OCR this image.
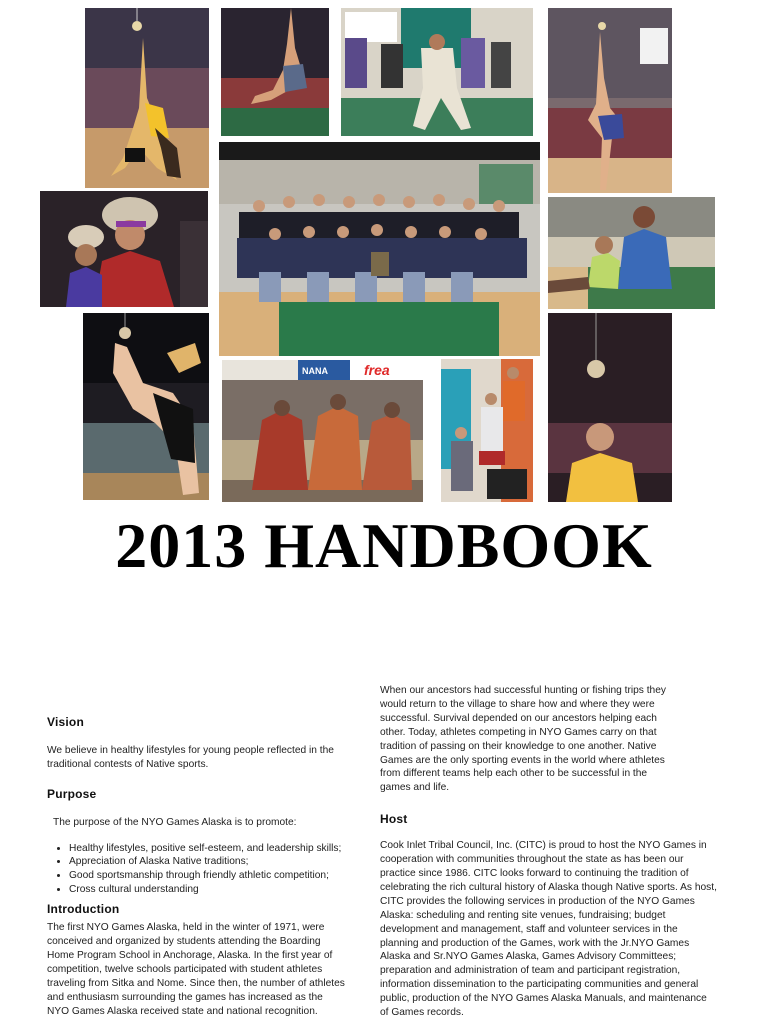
frea
NANA
2013 HANDBOOK
Vision

We believe in healthy lifestyles for young people reflected in the traditional contests of Native sports.

Purpose

The purpose of the NYO Games Alaska is to promote:

• Healthy lifestyles, positive self-esteem, and leadership skills;
• Appreciation of Alaska Native traditions;
• Good sportsmanship through friendly athletic competition;
• Cross cultural understanding
Introduction

The first NYO Games Alaska, held in the winter of 1971, were conceived and organized by students attending the Boarding Home Program School in Anchorage, Alaska. In the first year of competition, twelve schools participated with student athletes traveling from Sitka and Nome. Since then, the number of athletes and enthusiasm surrounding the games has increased as the NYO Games Alaska received state and national recognition.

When our ancestors had successful hunting or fishing trips they would return to the village to share how and where they were successful. Survival depended on our ancestors helping each other. Today, athletes competing in NYO Games carry on that tradition of passing on their knowledge to one another. Native Games are the only sporting events in the world where athletes from different teams help each other to be successful in the games and life.

Host

Cook Inlet Tribal Council, Inc. (CITC) is proud to host the NYO Games in cooperation with communities throughout the state as has been our practice since 1986. CITC looks forward to continuing the tradition of celebrating the rich cultural history of Alaska though Native sports. As host, CITC provides the following services in production of the NYO Games Alaska: scheduling and renting site venues, fundraising; budget development and management, staff and volunteer services in the planning and production of the Games, work with the Jr.NYO Games Alaska and Sr.NYO Games Alaska, Games Advisory Committees; preparation and administration of team and participant registration, information dissemination to the participating communities and general public, production of the NYO Games Alaska Manuals, and maintenance of Games records.
